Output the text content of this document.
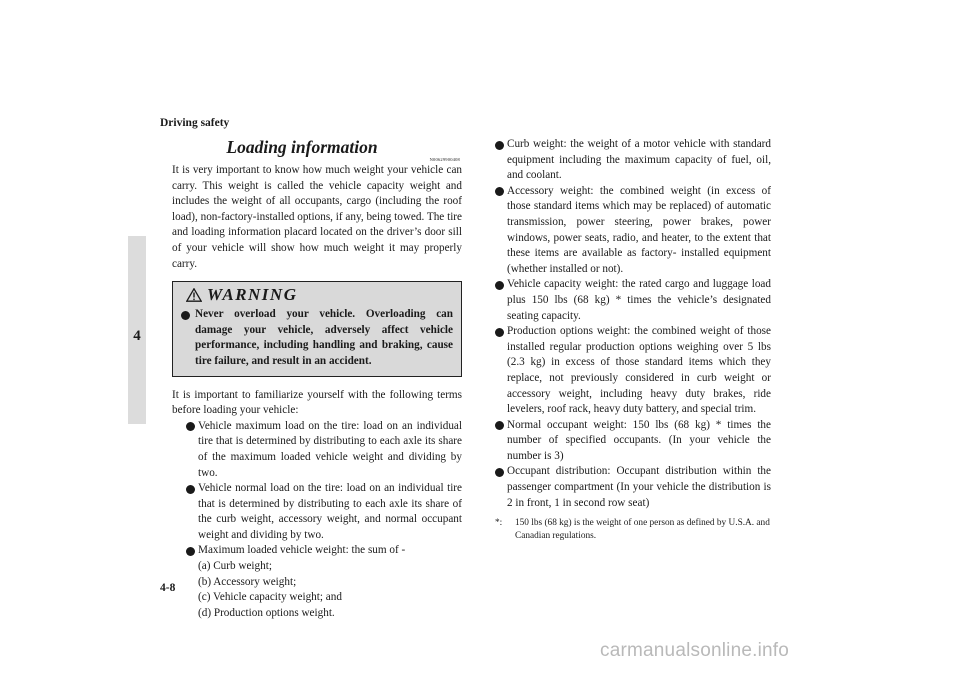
Driving safety
4
Loading information
N00629900408

It is very important to know how much weight your vehicle can carry. This weight is called the vehicle capacity weight and includes the weight of all occupants, cargo (including the roof load), non-factory-installed options, if any, being towed. The tire and loading information placard located on the driver’s door sill of your vehicle will show how much weight it may properly carry.

WARNING
Never overload your vehicle. Overloading can damage your vehicle, adversely affect vehicle performance, including handling and braking, cause tire failure, and result in an accident.

It is important to familiarize yourself with the following terms before loading your vehicle:

Vehicle maximum load on the tire: load on an individual tire that is determined by distributing to each axle its share of the maximum loaded vehicle weight and dividing by two.
Vehicle normal load on the tire: load on an individual tire that is determined by distributing to each axle its share of the curb weight, accessory weight, and normal occupant weight and dividing by two.
Maximum loaded vehicle weight: the sum of -
(a) Curb weight;
(b) Accessory weight;
(c) Vehicle capacity weight; and
(d) Production options weight.
Curb weight: the weight of a motor vehicle with standard equipment including the maximum capacity of fuel, oil, and coolant.
Accessory weight: the combined weight (in excess of those standard items which may be replaced) of automatic transmission, power steering, power brakes, power windows, power seats, radio, and heater, to the extent that these items are available as factory- installed equipment (whether installed or not).
Vehicle capacity weight: the rated cargo and luggage load plus 150 lbs (68 kg) * times the vehicle’s designated seating capacity.
Production options weight: the combined weight of those installed regular production options weighing over 5 lbs (2.3 kg) in excess of those standard items which they replace, not previously considered in curb weight or accessory weight, including heavy duty brakes, ride levelers, roof rack, heavy duty battery, and special trim.
Normal occupant weight: 150 lbs (68 kg) * times the number of specified occupants. (In your vehicle the number is 3)
Occupant distribution: Occupant distribution within the passenger compartment (In your vehicle the distribution is 2 in front, 1 in second row seat)
*:	150 lbs (68 kg) is the weight of one person as defined by U.S.A. and Canadian regulations.
4-8
carmanualsonline.info
